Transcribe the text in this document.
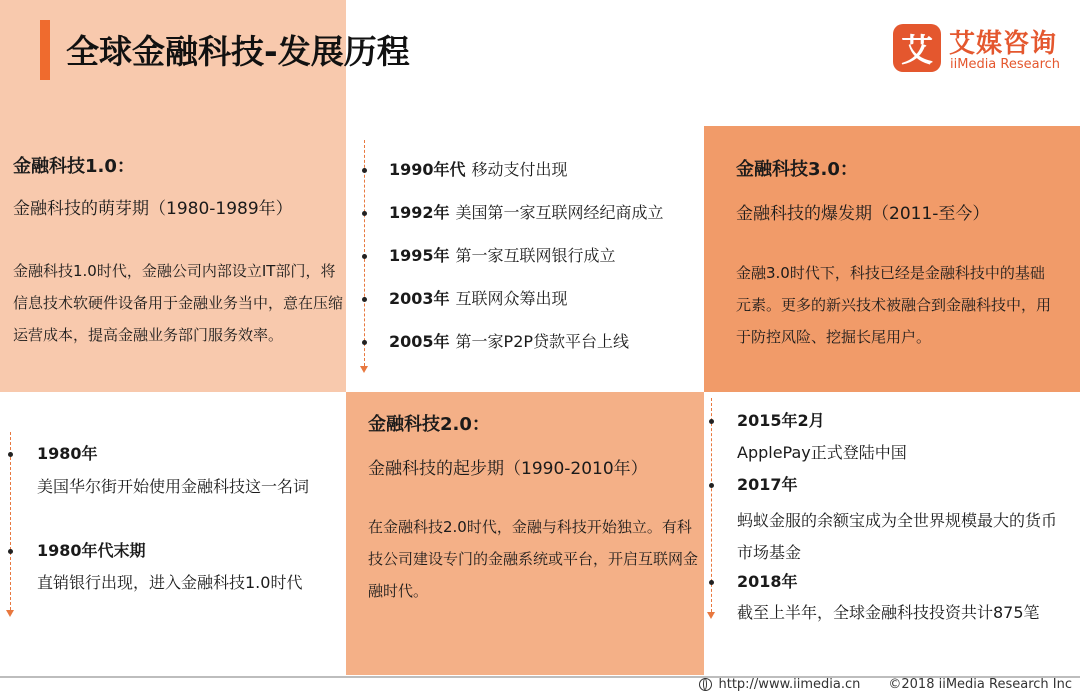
全球金融科技-发展历程	艾 艾媒咨询
iiMedia Research
金融科技1.0：
金融科技的萌芽期（1980-1989年）
金融科技1.0时代，金融公司内部设立IT部门，将信息技术软硬件设备用于金融业务当中，意在压缩运营成本，提高金融业务部门服务效率。
金融科技2.0：
金融科技的起步期（1990-2010年）
在金融科技2.0时代，金融与科技开始独立。有科技公司建设专门的金融系统或平台，开启互联网金融时代。
金融科技3.0：
金融科技的爆发期（2011-至今）
金融3.0时代下，科技已经是金融科技中的基础元素。更多的新兴技术被融合到金融科技中，用于防控风险、挖掘长尾用户。
1990年代 移动支付出现
1992年 美国第一家互联网经纪商成立
1995年 第一家互联网银行成立
2003年 互联网众筹出现
2005年 第一家P2P贷款平台上线
1980年
美国华尔街开始使用金融科技这一名词
1980年代末期
直销银行出现，进入金融科技1.0时代
2015年2月
ApplePay正式登陆中国
2017年
蚂蚁金服的余额宝成为全世界规模最大的货币市场基金
2018年
截至上半年，全球金融科技投资共计875笔
http://www.iimedia.cn ©2018 iiMedia Research Inc
